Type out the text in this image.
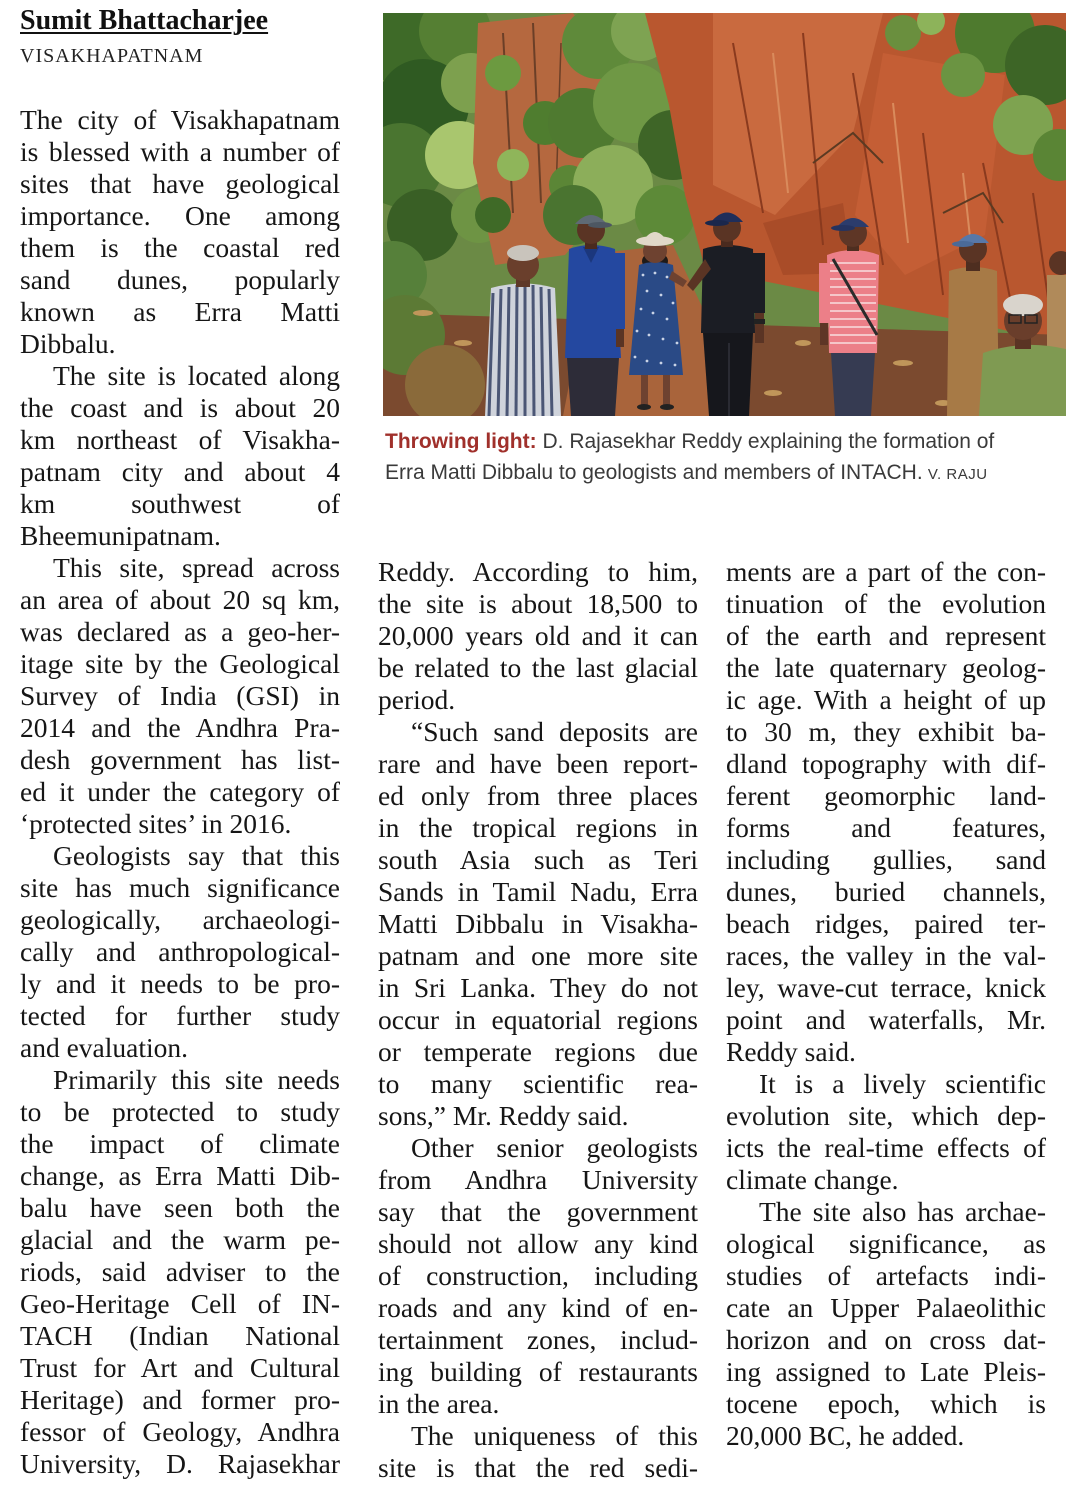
Sumit Bhattacharjee
VISAKHAPATNAM
Throwing light: D. Rajasekhar Reddy explaining the formation of
Erra Matti Dibbalu to geologists and members of INTACH. V. RAJU
The city of Visakhapatnam
is blessed with a number of
sites that have geological
importance. One among
them is the coastal red
sand dunes, popularly
known as Erra Matti
Dibbalu.
The site is located along
the coast and is about 20
km northeast of Visakha-
patnam city and about 4
km southwest of
Bheemunipatnam.
This site, spread across
an area of about 20 sq km,
was declared as a geo-her-
itage site by the Geological
Survey of India (GSI) in
2014 and the Andhra Pra-
desh government has list-
ed it under the category of
‘protected sites’ in 2016.
Geologists say that this
site has much significance
geologically, archaeologi-
cally and anthropological-
ly and it needs to be pro-
tected for further study
and evaluation.
Primarily this site needs
to be protected to study
the impact of climate
change, as Erra Matti Dib-
balu have seen both the
glacial and the warm pe-
riods, said adviser to the
Geo-Heritage Cell of IN-
TACH (Indian National
Trust for Art and Cultural
Heritage) and former pro-
fessor of Geology, Andhra
University, D. Rajasekhar
Reddy. According to him,
the site is about 18,500 to
20,000 years old and it can
be related to the last glacial
period.
“Such sand deposits are
rare and have been report-
ed only from three places
in the tropical regions in
south Asia such as Teri
Sands in Tamil Nadu, Erra
Matti Dibbalu in Visakha-
patnam and one more site
in Sri Lanka. They do not
occur in equatorial regions
or temperate regions due
to many scientific rea-
sons,” Mr. Reddy said.
Other senior geologists
from Andhra University
say that the government
should not allow any kind
of construction, including
roads and any kind of en-
tertainment zones, includ-
ing building of restaurants
in the area.
The uniqueness of this
site is that the red sedi-
ments are a part of the con-
tinuation of the evolution
of the earth and represent
the late quaternary geolog-
ic age. With a height of up
to 30 m, they exhibit ba-
dland topography with dif-
ferent geomorphic land-
forms and features,
including gullies, sand
dunes, buried channels,
beach ridges, paired ter-
races, the valley in the val-
ley, wave-cut terrace, knick
point and waterfalls, Mr.
Reddy said.
It is a lively scientific
evolution site, which dep-
icts the real-time effects of
climate change.
The site also has archae-
ological significance, as
studies of artefacts indi-
cate an Upper Palaeolithic
horizon and on cross dat-
ing assigned to Late Pleis-
tocene epoch, which is
20,000 BC, he added.
